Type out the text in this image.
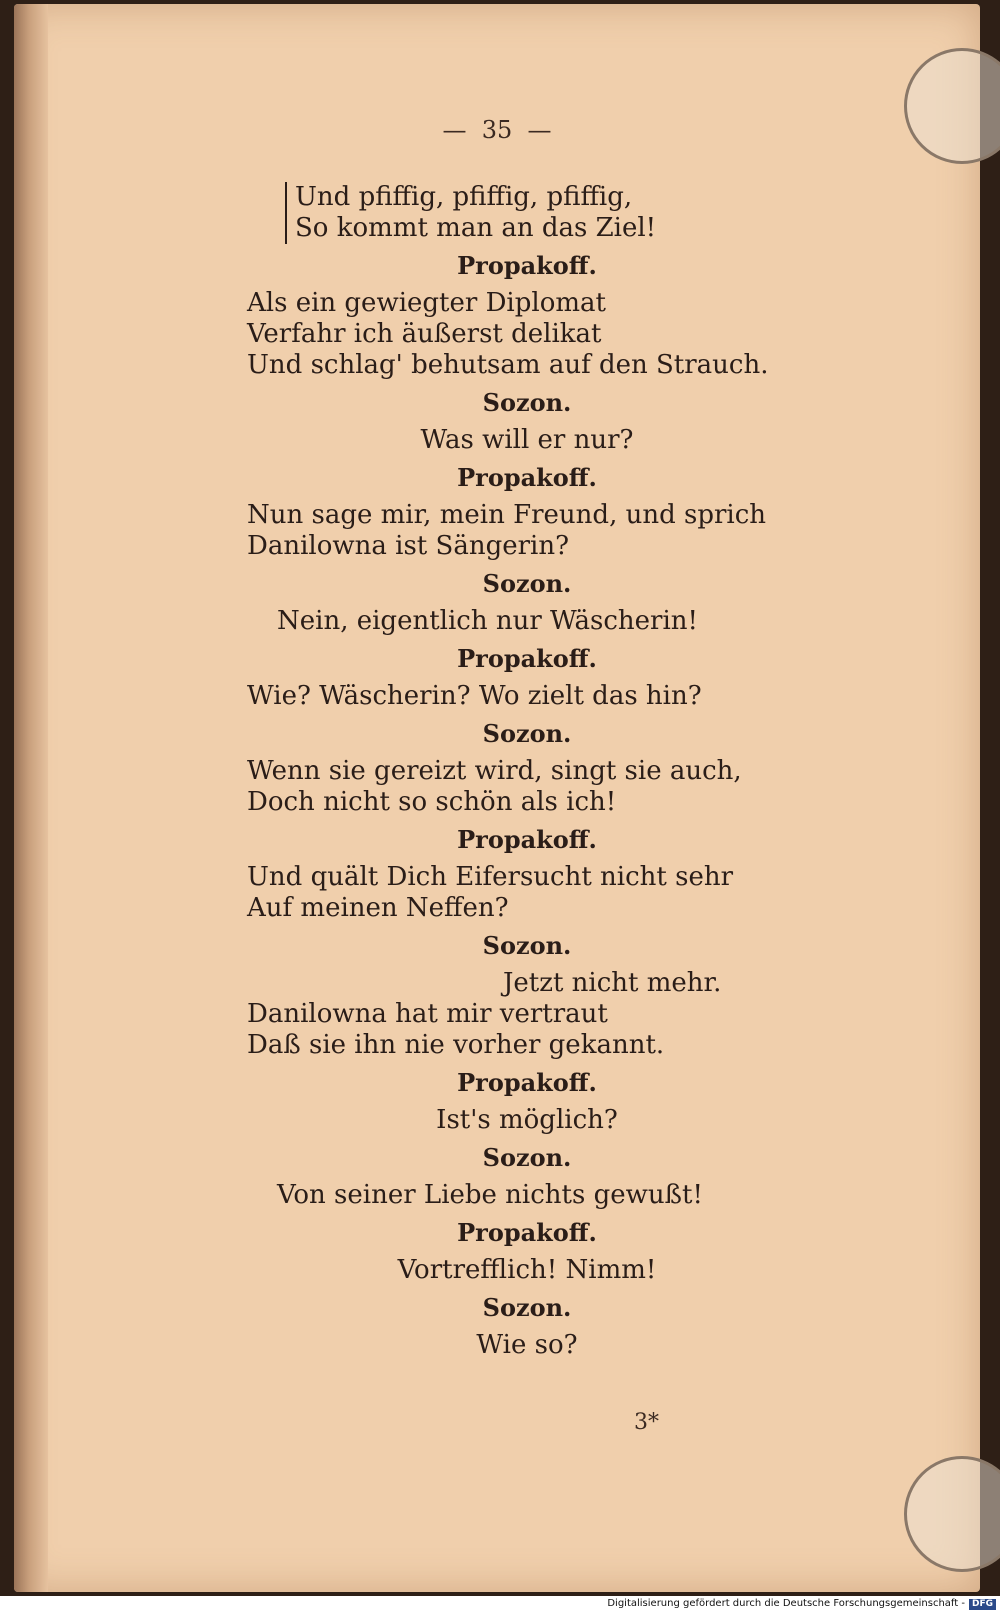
—  35  —
Und pfiffig, pfiffig, pfiffig,
So kommt man an das Ziel!
Propakoff.
Als ein gewiegter Diplomat
Verfahr ich äußerst delikat
Und schlag' behutsam auf den Strauch.
Sozon.
Was will er nur?
Propakoff.
Nun sage mir, mein Freund, und sprich
Danilowna ist Sängerin?
Sozon.
Nein, eigentlich nur Wäscherin!
Propakoff.
Wie? Wäscherin? Wo zielt das hin?
Sozon.
Wenn sie gereizt wird, singt sie auch,
Doch nicht so schön als ich!
Propakoff.
Und quält Dich Eifersucht nicht sehr
Auf meinen Neffen?
Sozon.
Jetzt nicht mehr.
Danilowna hat mir vertraut
Daß sie ihn nie vorher gekannt.
Propakoff.
Ist's möglich?
Sozon.
Von seiner Liebe nichts gewußt!
Propakoff.
Vortrefflich! Nimm!
Sozon.
Wie so?
3*
Digitalisierung gefördert durch die Deutsche Forschungsgemeinschaft - DFG
